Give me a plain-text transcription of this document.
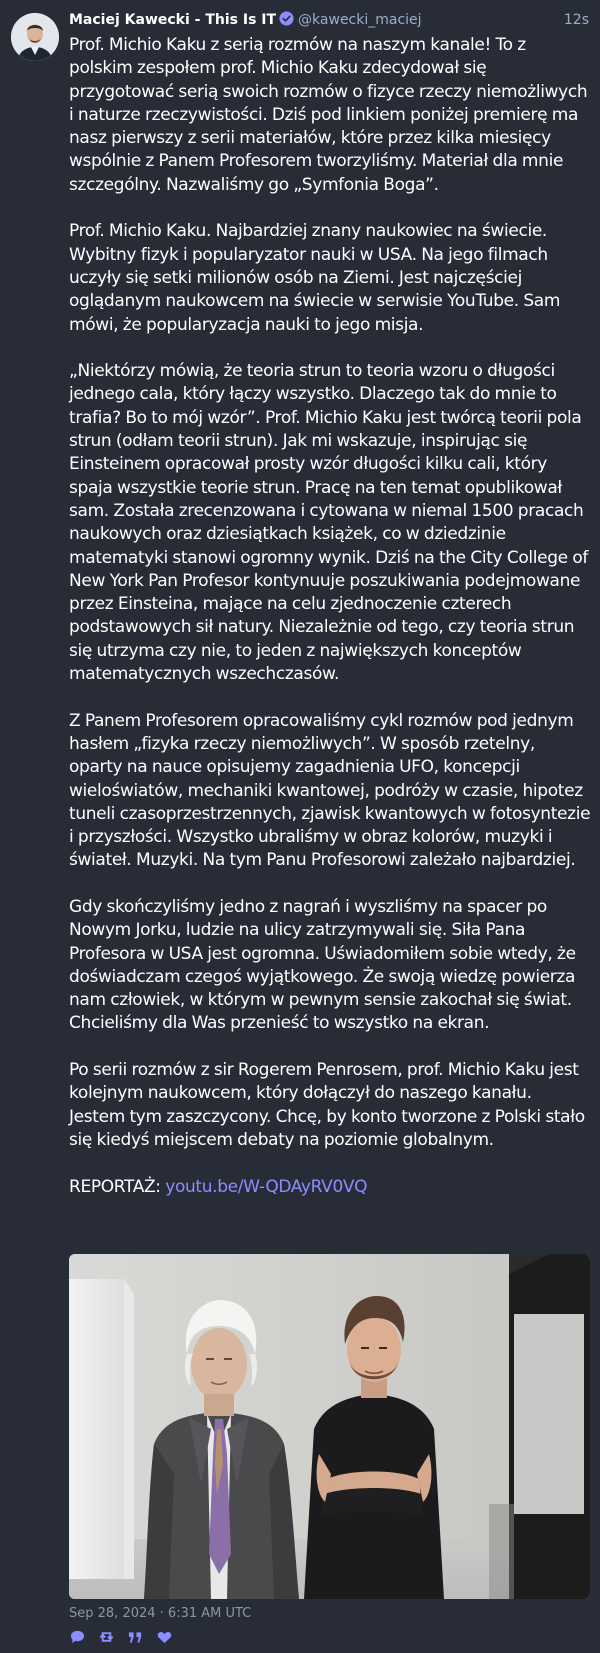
Maciej Kawecki - This Is IT @kawecki_maciej	12s

Prof. Michio Kaku z serią rozmów na naszym kanale! To z polskim zespołem prof. Michio Kaku zdecydował się przygotować serią swoich rozmów o fizyce rzeczy niemożliwych i naturze rzeczywistości. Dziś pod linkiem poniżej premierę ma nasz pierwszy z serii materiałów, które przez kilka miesięcy wspólnie z Panem Profesorem tworzyliśmy. Materiał dla mnie szczególny. Nazwaliśmy go „Symfonia Boga”.

Prof. Michio Kaku. Najbardziej znany naukowiec na świecie. Wybitny fizyk i popularyzator nauki w USA. Na jego filmach uczyły się setki milionów osób na Ziemi. Jest najczęściej oglądanym naukowcem na świecie w serwisie YouTube. Sam mówi, że popularyzacja nauki to jego misja.

„Niektórzy mówią, że teoria strun to teoria wzoru o długości jednego cala, który łączy wszystko. Dlaczego tak do mnie to trafia? Bo to mój wzór”. Prof. Michio Kaku jest twórcą teorii pola strun (odłam teorii strun). Jak mi wskazuje, inspirując się Einsteinem opracował prosty wzór długości kilku cali, który spaja wszystkie teorie strun. Pracę na ten temat opublikował sam. Została zrecenzowana i cytowana w niemal 1500 pracach naukowych oraz dziesiątkach książek, co w dziedzinie matematyki stanowi ogromny wynik. Dziś na the City College of New York Pan Profesor kontynuuje poszukiwania podejmowane przez Einsteina, mające na celu zjednoczenie czterech podstawowych sił natury. Niezależnie od tego, czy teoria strun się utrzyma czy nie, to jeden z największych konceptów matematycznych wszechczasów.

Z Panem Profesorem opracowaliśmy cykl rozmów pod jednym hasłem „fizyka rzeczy niemożliwych”. W sposób rzetelny, oparty na nauce opisujemy zagadnienia UFO, koncepcji wieloświatów, mechaniki kwantowej, podróży w czasie, hipotez tuneli czasoprzestrzennych, zjawisk kwantowych w fotosyntezie i przyszłości. Wszystko ubraliśmy w obraz kolorów, muzyki i świateł. Muzyki. Na tym Panu Profesorowi zależało najbardziej.

Gdy skończyliśmy jedno z nagrań i wyszliśmy na spacer po Nowym Jorku, ludzie na ulicy zatrzymywali się. Siła Pana Profesora w USA jest ogromna. Uświadomiłem sobie wtedy, że doświadczam czegoś wyjątkowego. Że swoją wiedzę powierza nam człowiek, w którym w pewnym sensie zakochał się świat. Chcieliśmy dla Was przenieść to wszystko na ekran.

Po serii rozmów z sir Rogerem Penrosem, prof. Michio Kaku jest kolejnym naukowcem, który dołączył do naszego kanału. Jestem tym zaszczycony. Chcę, by konto tworzone z Polski stało się kiedyś miejscem debaty na poziomie globalnym.

REPORTAŻ: youtu.be/W-QDAyRV0VQ

Sep 28, 2024 · 6:31 AM UTC
